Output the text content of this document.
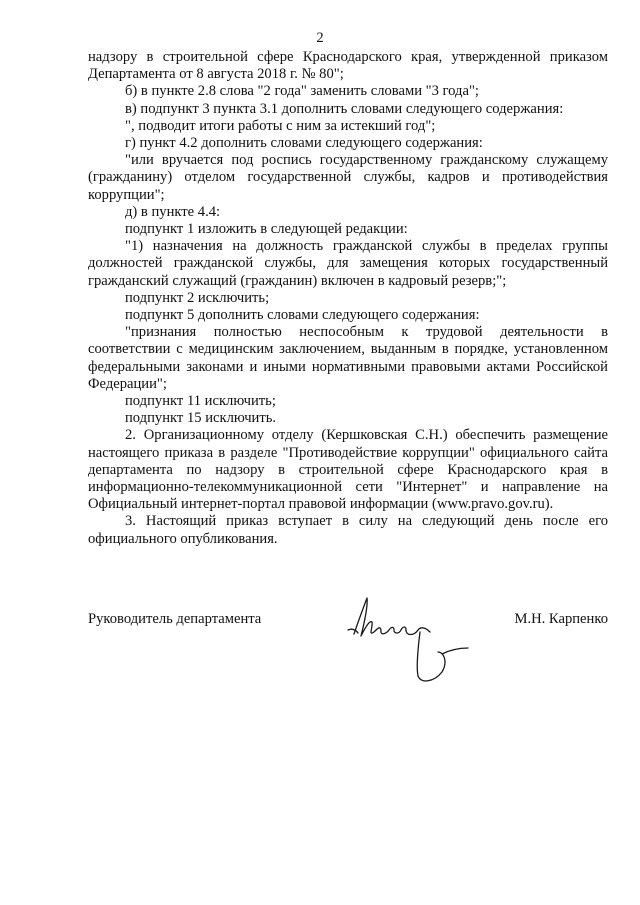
2

надзору в строительной сфере Краснодарского края, утвержденной приказом Департамента от 8 августа 2018 г. № 80";

б) в пункте 2.8 слова "2 года" заменить словами "3 года";

в) подпункт 3 пункта 3.1 дополнить словами следующего содержания:

", подводит итоги работы с ним за истекший год";

г) пункт 4.2 дополнить словами следующего содержания:

"или вручается под роспись государственному гражданскому служащему (гражданину) отделом государственной службы, кадров и противодействия коррупции";

д) в пункте 4.4:

подпункт 1 изложить в следующей редакции:

"1) назначения на должность гражданской службы в пределах группы должностей гражданской службы, для замещения которых государственный гражданский служащий (гражданин) включен в кадровый резерв;";

подпункт 2 исключить;

подпункт 5 дополнить словами следующего содержания:

"признания полностью неспособным к трудовой деятельности в соответствии с медицинским заключением, выданным в порядке, установленном федеральными законами и иными нормативными правовыми актами Российской Федерации";

подпункт 11 исключить;

подпункт 15 исключить.

2. Организационному отделу (Кершковская С.Н.) обеспечить размещение настоящего приказа в разделе "Противодействие коррупции" официального сайта департамента по надзору в строительной сфере Краснодарского края в информационно-телекоммуникационной сети "Интернет" и направление на Официальный интернет-портал правовой информации (www.pravo.gov.ru).

3. Настоящий приказ вступает в силу на следующий день после его официального опубликования.

Руководитель департамента	М.Н. Карпенко
